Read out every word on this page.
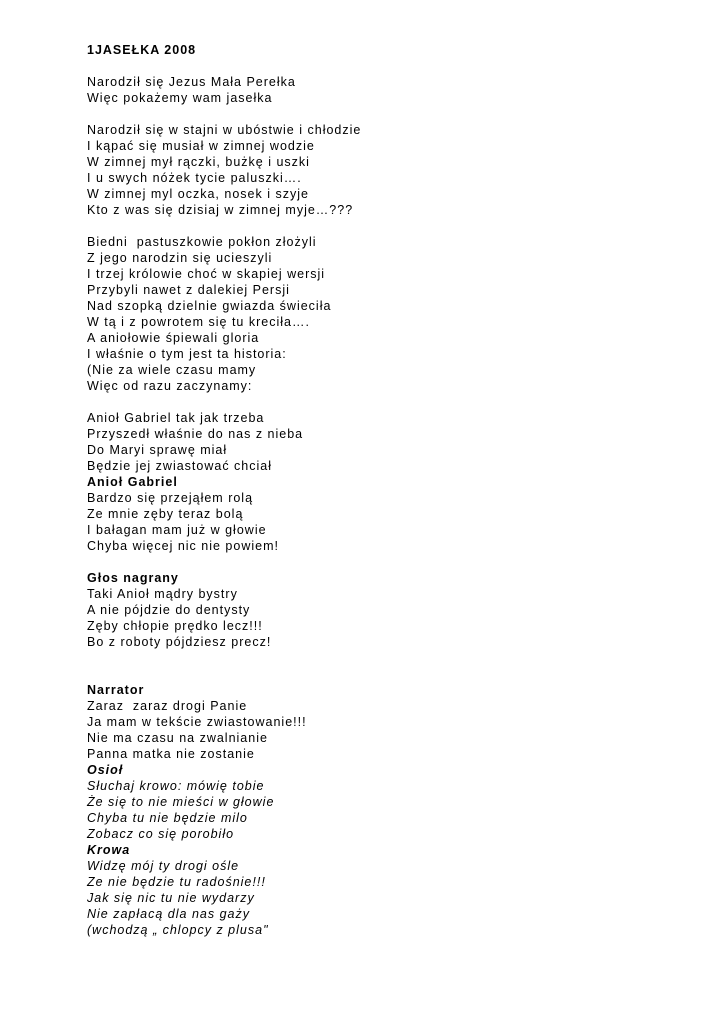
1JASEŁKA 2008
Narodził się Jezus Mała Perełka
Więc pokażemy wam jasełka
Narodził się w stajni w ubóstwie i chłodzie
I kąpać się musiał w zimnej wodzie
W zimnej mył rączki, bużkę i uszki
I u swych nóżek tycie paluszki….
W zimnej myl oczka, nosek i szyje
Kto z was się dzisiaj w zimnej myje…???
Biedni  pastuszkowie pokłon złożyli
Z jego narodzin się ucieszyli
I trzej królowie choć w skapiej wersji
Przybyli nawet z dalekiej Persji
Nad szopką dzielnie gwiazda świeciła
W tą i z powrotem się tu kreciła….
A aniołowie śpiewali gloria
I właśnie o tym jest ta historia:
(Nie za wiele czasu mamy
Więc od razu zaczynamy:
Anioł Gabriel tak jak trzeba
Przyszedł właśnie do nas z nieba
Do Maryi sprawę miał
Będzie jej zwiastować chciał
Anioł Gabriel
Bardzo się przejąłem rolą
Ze mnie zęby teraz bolą
I bałagan mam już w głowie
Chyba więcej nic nie powiem!
Głos nagrany
Taki Anioł mądry bystry
A nie pójdzie do dentysty
Zęby chłopie prędko lecz!!!
Bo z roboty pójdziesz precz!
Narrator
Zaraz  zaraz drogi Panie
Ja mam w tekście zwiastowanie!!!
Nie ma czasu na zwalnianie
Panna matka nie zostanie
Osioł
Słuchaj krowo: mówię tobie
Że się to nie mieści w głowie
Chyba tu nie będzie milo
Zobacz co się porobiło
Krowa
Widzę mój ty drogi ośle
Ze nie będzie tu radośnie!!!
Jak się nic tu nie wydarzy
Nie zapłacą dla nas gaży
(wchodzą „ chlopcy z plusa"
